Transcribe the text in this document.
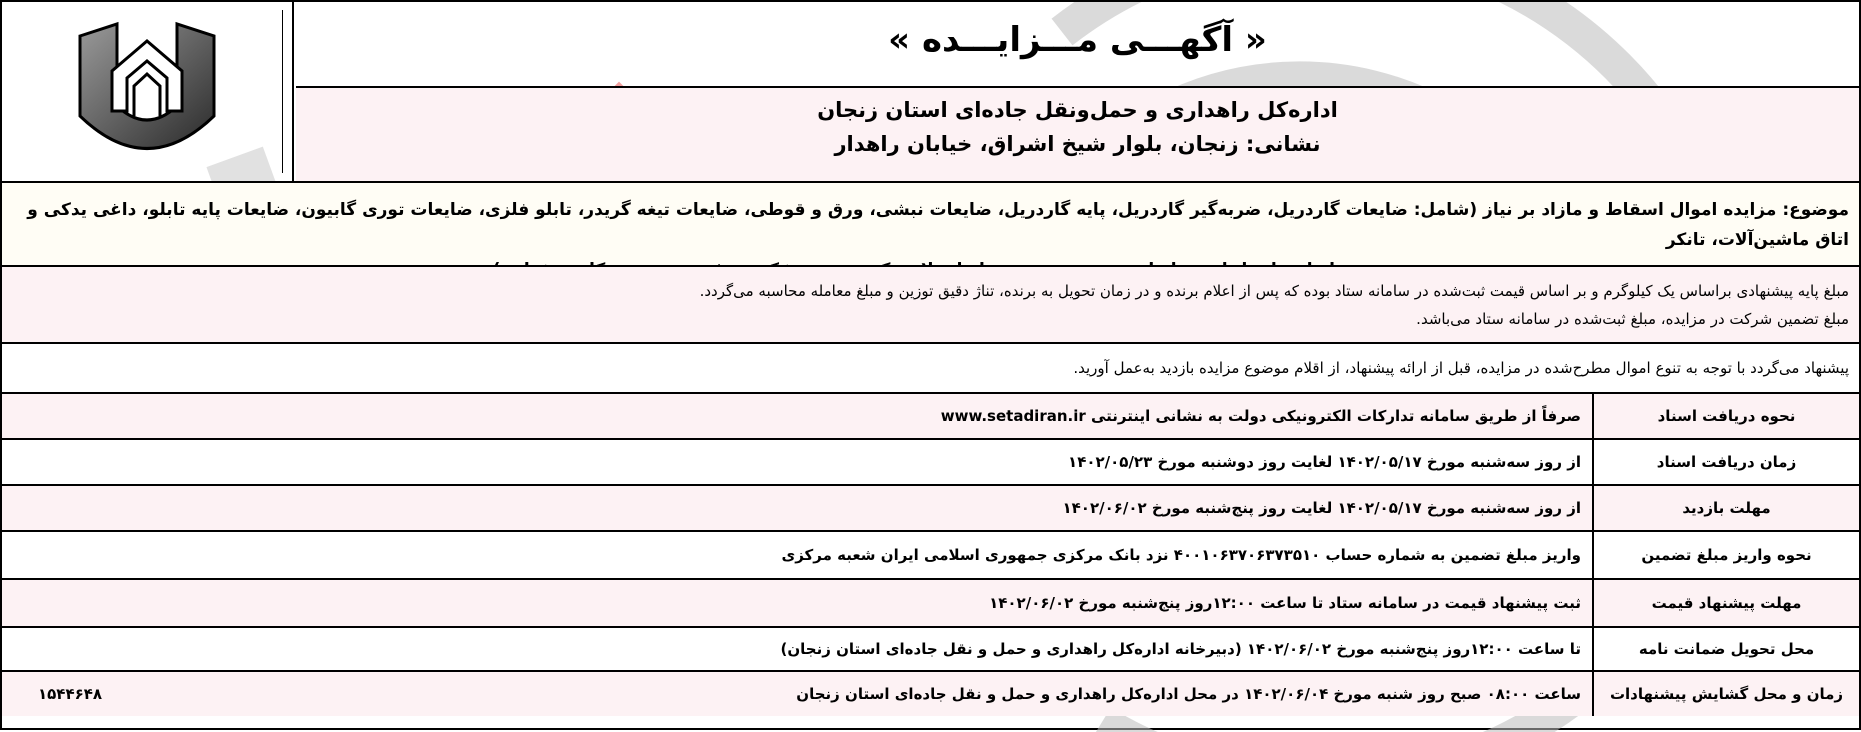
« آگهـــی مـــزایـــده »
اداره‌کل راهداری و حمل‌ونقل جاده‌ای استان زنجان
نشانی: زنجان، بلوار شیخ اشراق، خیابان راهدار

موضوع: مزایده اموال اسقاط و مازاد بر نیاز (شامل: ضایعات گاردریل، ضربه‌گیر گاردریل، پایه گاردریل، ضایعات نبشی، ورق و قوطی، ضایعات تیغه گریدر، تابلو فلزی، ضایعات توری گابیون، ضایعات پایه تابلو، داغی یدکی و اتاق ماشین‌آلات، تانکر

مبلغ پایه پیشنهادی براساس یک کیلوگرم و بر اساس قیمت ثبت‌شده در سامانه ستاد بوده که پس از اعلام برنده و در زمان تحویل به برنده، تناژ دقیق توزین و مبلغ معامله محاسبه می‌گردد.

مبلغ تضمین شرکت در مزایده، مبلغ ثبت‌شده در سامانه ستاد می‌باشد.

پیشنهاد می‌گردد با توجه به تنوع اموال مطرح‌شده در مزایده، قبل از ارائه پیشنهاد، از اقلام موضوع مزایده بازدید به‌عمل آورید.

نحوه دریافت اسناد
صرفاً از طریق سامانه تدارکات الکترونیکی دولت به نشانی اینترنتی www.setadiran.ir
زمان دریافت اسناد
از روز سه‌شنبه مورخ ۱۴۰۲/۰۵/۱۷ لغایت روز دوشنبه مورخ ۱۴۰۲/۰۵/۲۳
مهلت بازدید
از روز سه‌شنبه مورخ ۱۴۰۲/۰۵/۱۷ لغایت روز پنج‌شنبه مورخ ۱۴۰۲/۰۶/۰۲
نحوه واریز مبلغ تضمین
واریز مبلغ تضمین به شماره حساب ۴۰۰۱۰۶۳۷۰۶۳۷۳۵۱۰ نزد بانک مرکزی جمهوری اسلامی ایران شعبه مرکزی
مهلت پیشنهاد قیمت
ثبت پیشنهاد قیمت در سامانه ستاد تا ساعت ۱۲:۰۰روز پنج‌شنبه مورخ ۱۴۰۲/۰۶/۰۲
محل تحویل ضمانت نامه
تا ساعت ۱۲:۰۰روز پنج‌شنبه مورخ ۱۴۰۲/۰۶/۰۲ (دبیرخانه اداره‌کل راهداری و حمل و نقل جاده‌ای استان زنجان)
زمان و محل گشایش پیشنهادات
ساعت ۰۸:۰۰ صبح روز شنبه مورخ ۱۴۰۲/۰۶/۰۴ در محل اداره‌کل راهداری و حمل و نقل جاده‌ای استان زنجان
۱۵۴۴۶۴۸
